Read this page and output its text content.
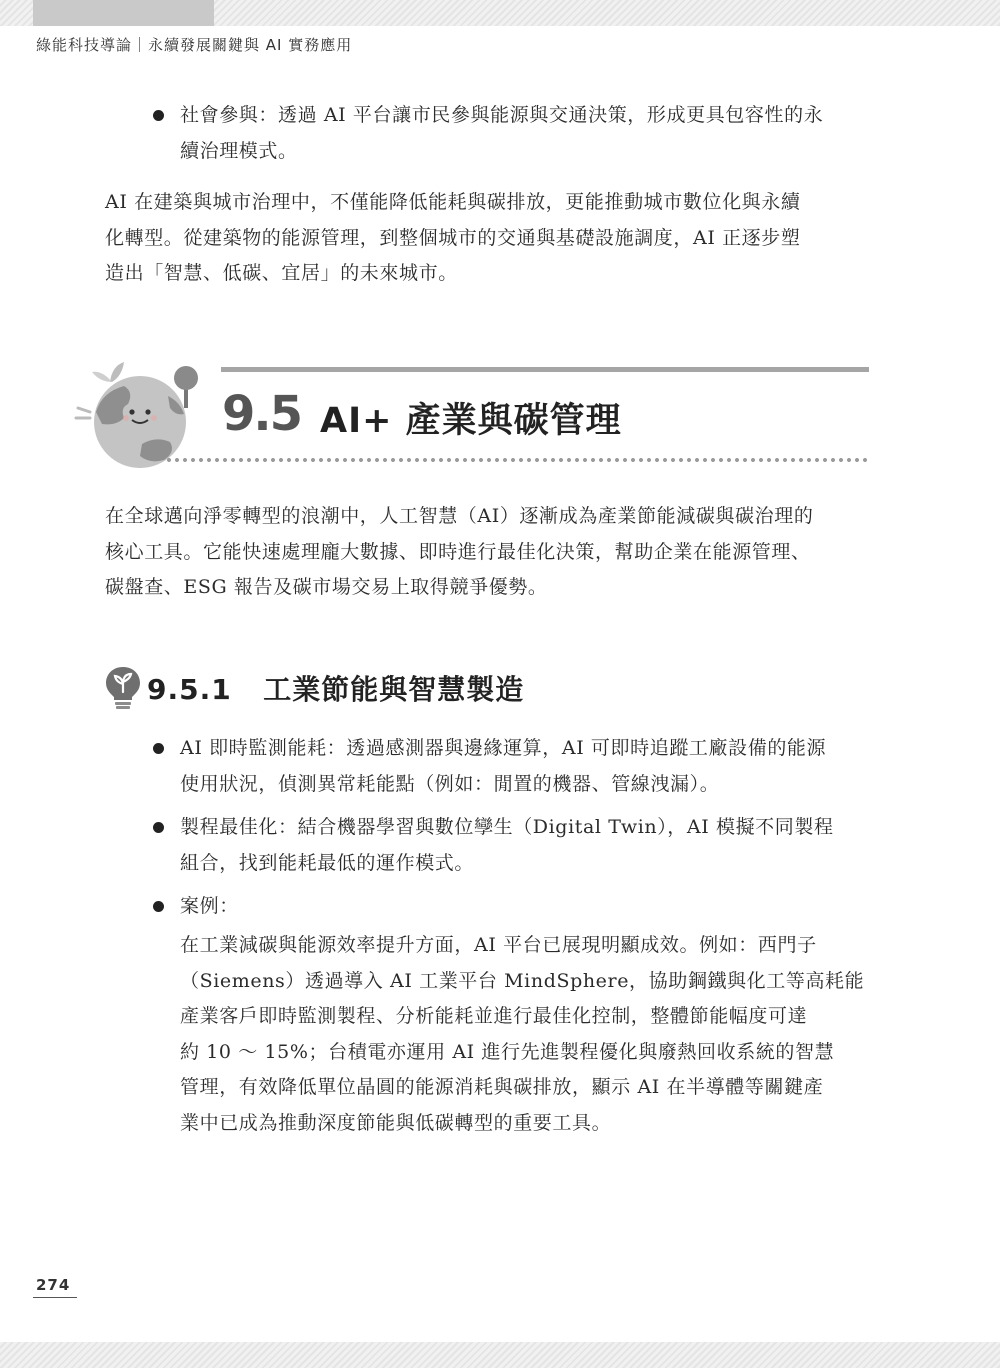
綠能科技導論｜永續發展關鍵與 AI 實務應用
社會參與：透過 AI 平台讓市民參與能源與交通決策，形成更具包容性的永
續治理模式。
AI 在建築與城市治理中，不僅能降低能耗與碳排放，更能推動城市數位化與永續
化轉型。從建築物的能源管理，到整個城市的交通與基礎設施調度，AI 正逐步塑
造出「智慧、低碳、宜居」的未來城市。
9.5 AI+ 產業與碳管理
在全球邁向淨零轉型的浪潮中，人工智慧（AI）逐漸成為產業節能減碳與碳治理的
核心工具。它能快速處理龐大數據、即時進行最佳化決策，幫助企業在能源管理、
碳盤查、ESG 報告及碳市場交易上取得競爭優勢。
9.5.1 工業節能與智慧製造
AI 即時監測能耗：透過感測器與邊緣運算，AI 可即時追蹤工廠設備的能源
使用狀況，偵測異常耗能點（例如：閒置的機器、管線洩漏）。
製程最佳化：結合機器學習與數位孿生（Digital Twin），AI 模擬不同製程
組合，找到能耗最低的運作模式。
案例：
在工業減碳與能源效率提升方面，AI 平台已展現明顯成效。例如：西門子
（Siemens）透過導入 AI 工業平台 MindSphere，協助鋼鐵與化工等高耗能
產業客戶即時監測製程、分析能耗並進行最佳化控制，整體節能幅度可達
約 10 ～ 15%；台積電亦運用 AI 進行先進製程優化與廢熱回收系統的智慧
管理，有效降低單位晶圓的能源消耗與碳排放，顯示 AI 在半導體等關鍵產
業中已成為推動深度節能與低碳轉型的重要工具。
274
